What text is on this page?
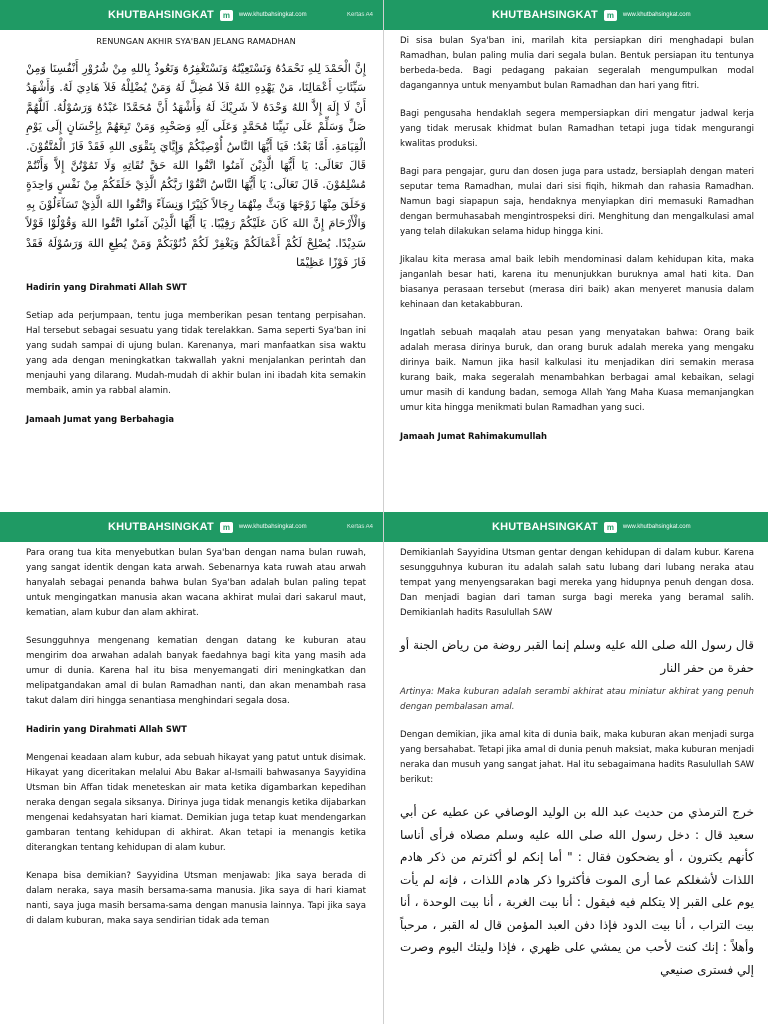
KHUTBAHSINGKAT	m	www.khutbahsingkat.com	Kertas A4
RENUNGAN AKHIR SYA'BAN JELANG RAMADHAN
إِنَّ الْحَمْدَ لِلهِ نَحْمَدُهُ وَنَسْتَعِيْنُهُ وَنَسْتَغْفِرُهُ وَنَعُوذُ بِاللهِ مِنْ شُرُوْرِ أَنْفُسِنَا وَمِنْ سَيِّئَاتِ أَعْمَالِنَا، مَنْ يَهْدِهِ اللهُ فَلاَ مُضِلَّ لَهُ وَمَنْ يُضْلِلْهُ فَلاَ هَادِيَ لَهُ. وَأَشْهَدُ أَنْ لَا إِلَهَ إِلاَّ اللهُ وَحْدَهُ لاَ شَرِيْكَ لَهُ وَأَشْهَدُ أَنَّ مُحَمَّدًا عَبْدُهُ وَرَسُوْلُهُ. اَللَّهُمَّ صَلِّ وَسَلِّمْ عَلَى نَبِيِّنَا مُحَمَّدٍ وَعَلَى آلِهِ وَصَحْبِهِ وَمَنْ تَبِعَهُمْ بِإِحْسَانٍ إِلَى يَوْمِ الْقِيَامَةِ. أَمَّا بَعْدُ: فَيَا أَيُّهَا النَّاسُ أُوْصِيْكُمْ وَإِيَّايَ بِتَقْوَى اللهِ فَقَدْ فَازَ الْمُتَّقُوْنَ. قَالَ تَعَالَى: يَا أَيُّهَا الَّذِيْنَ آمَنُوا اتَّقُوا اللهَ حَقَّ تُقَاتِهِ وَلَا تَمُوْتُنَّ إِلاَّ وَأَنْتُمْ مُسْلِمُوْنَ. قَالَ تَعَالَى: يَا أَيُّهَا النَّاسُ اتَّقُوْا رَبَّكُمُ الَّذِيْ خَلَقَكُمْ مِنْ نَفْسٍ وَاحِدَةٍ وَخَلَقَ مِنْهَا زَوْجَهَا وَبَثَّ مِنْهُمَا رِجَالاً كَثِيْرًا وَنِسَآءً وَاتَّقُوا اللهَ الَّذِيْ تَسَآءَلُوْنَ بِهِ وَالْأَرْحَامَ إِنَّ اللهَ كَانَ عَلَيْكُمْ رَقِيْبًا. يَا أَيُّهَا الَّذِيْنَ آمَنُوا اتَّقُوا اللهَ وَقُوْلُوْا قَوْلاً سَدِيْدًا. يُصْلِحْ لَكُمْ أَعْمَالَكُمْ وَيَغْفِرْ لَكُمْ ذُنُوْبَكُمْ وَمَنْ يُطِعِ اللهَ وَرَسُوْلَهُ فَقَدْ فَازَ فَوْزًا عَظِيْمًا
Hadirin yang Dirahmati Allah SWT
Setiap ada perjumpaan, tentu juga memberikan pesan tentang perpisahan. Hal tersebut sebagai sesuatu yang tidak terelakkan. Sama seperti Sya'ban ini yang sudah sampai di ujung bulan. Karenanya, mari manfaatkan sisa waktu yang ada dengan meningkatkan takwallah yakni menjalankan perintah dan menjauhi yang dilarang. Mudah-mudah di akhir bulan ini ibadah kita semakin membaik, amin ya rabbal alamin.
Jamaah Jumat yang Berbahagia
KHUTBAHSINGKAT	m	www.khutbahsingkat.com
Di sisa bulan Sya'ban ini, marilah kita persiapkan diri menghadapi bulan Ramadhan, bulan paling mulia dari segala bulan. Bentuk persiapan itu tentunya berbeda-beda. Bagi pedagang pakaian segeralah mengumpulkan modal dagangannya untuk menyambut bulan Ramadhan dan hari yang fitri.
Bagi pengusaha hendaklah segera mempersiapkan diri mengatur jadwal kerja yang tidak merusak khidmat bulan Ramadhan tetapi juga tidak mengurangi kwalitas produksi.
Bagi para pengajar, guru dan dosen juga para ustadz, bersiaplah dengan materi seputar tema Ramadhan, mulai dari sisi fiqih, hikmah dan rahasia Ramadhan. Namun bagi siapapun saja, hendaknya menyiapkan diri memasuki Ramadhan dengan bermuhasabah mengintrospeksi diri. Menghitung dan mengalkulasi amal yang telah dilakukan selama hidup hingga kini.
Jikalau kita merasa amal baik lebih mendominasi dalam kehidupan kita, maka janganlah besar hati, karena itu menunjukkan buruknya amal hati kita. Dan biasanya perasaan tersebut (merasa diri baik) akan menyeret manusia dalam kehinaan dan ketakabburan.
Ingatlah sebuah maqalah atau pesan yang menyatakan bahwa: Orang baik adalah merasa dirinya buruk, dan orang buruk adalah mereka yang mengaku dirinya baik. Namun jika hasil kalkulasi itu menjadikan diri semakin merasa kurang baik, maka segeralah menambahkan berbagai amal kebaikan, selagi umur masih di kandung badan, semoga Allah Yang Maha Kuasa memanjangkan umur kita hingga menikmati bulan Ramadhan yang suci.
Jamaah Jumat Rahimakumullah
KHUTBAHSINGKAT	m	www.khutbahsingkat.com	Kertas A4
Para orang tua kita menyebutkan bulan Sya'ban dengan nama bulan ruwah, yang sangat identik dengan kata arwah. Sebenarnya kata ruwah atau arwah hanyalah sebagai penanda bahwa bulan Sya'ban adalah bulan paling tepat untuk mengingatkan manusia akan wacana akhirat mulai dari sakarul maut, kematian, alam kubur dan alam akhirat.
Sesungguhnya mengenang kematian dengan datang ke kuburan atau mengirim doa arwahan adalah banyak faedahnya bagi kita yang masih ada umur di dunia. Karena hal itu bisa menyemangati diri meningkatkan dan melipatgandakan amal di bulan Ramadhan nanti, dan akan menambah rasa takut dalam diri hingga senantiasa menghindari segala dosa.
Hadirin yang Dirahmati Allah SWT
Mengenai keadaan alam kubur, ada sebuah hikayat yang patut untuk disimak. Hikayat yang diceritakan melalui Abu Bakar al-Ismaili bahwasanya Sayyidina Utsman bin Affan tidak meneteskan air mata ketika digambarkan kepedihan neraka dengan segala siksanya. Dirinya juga tidak menangis ketika dijabarkan mengenai kedahsyatan hari kiamat. Demikian juga tetap kuat mendengarkan gambaran tentang kehidupan di akhirat. Akan tetapi ia menangis ketika diterangkan tentang kehidupan di alam kubur.
Kenapa bisa demikian? Sayyidina Utsman menjawab: Jika saya berada di dalam neraka, saya masih bersama-sama manusia. Jika saya di hari kiamat nanti, saya juga masih bersama-sama dengan manusia lainnya. Tapi jika saya di dalam kuburan, maka saya sendirian tidak ada teman
KHUTBAHSINGKAT	m	www.khutbahsingkat.com
Demikianlah Sayyidina Utsman gentar dengan kehidupan di dalam kubur. Karena sesungguhnya kuburan itu adalah salah satu lubang dari lubang neraka atau tempat yang menyengsarakan bagi mereka yang hidupnya penuh dengan dosa. Dan menjadi bagian dari taman surga bagi mereka yang beramal salih. Demikianlah hadits Rasulullah SAW
قال رسول الله صلى الله عليه وسلم إنما القبر روضة من رياض الجنة أو حفرة من حفر النار
Artinya: Maka kuburan adalah serambi akhirat atau miniatur akhirat yang penuh dengan pembalasan amal.
Dengan demikian, jika amal kita di dunia baik, maka kuburan akan menjadi surga yang bersahabat. Tetapi jika amal di dunia penuh maksiat, maka kuburan menjadi neraka dan musuh yang sangat jahat. Hal itu sebagaimana hadits Rasulullah SAW berikut:
خرج الترمذي من حديث عبد الله بن الوليد الوصافي عن عطيه عن أبي سعيد قال : دخل رسول الله صلى الله عليه وسلم مصلاه فرأى أناسا كأنهم يكترون ، أو يضحكون فقال : " أما إنكم لو أكثرتم من ذكر هادم اللذات لأشغلكم عما أرى الموت فأكثروا ذكر هادم اللذات ، فإنه لم يأت يوم على القبر إلا يتكلم فيه فيقول : أنا بيت الغربة ، أنا بيت الوحدة ، أنا بيت التراب ، أنا بيت الدود فإذا دفن العبد المؤمن قال له القبر ، مرحباً وأهلاً : إنك كنت لأحب من يمشي على ظهري ، فإذا وليتك اليوم وصرت إلي فسترى صنيعي
